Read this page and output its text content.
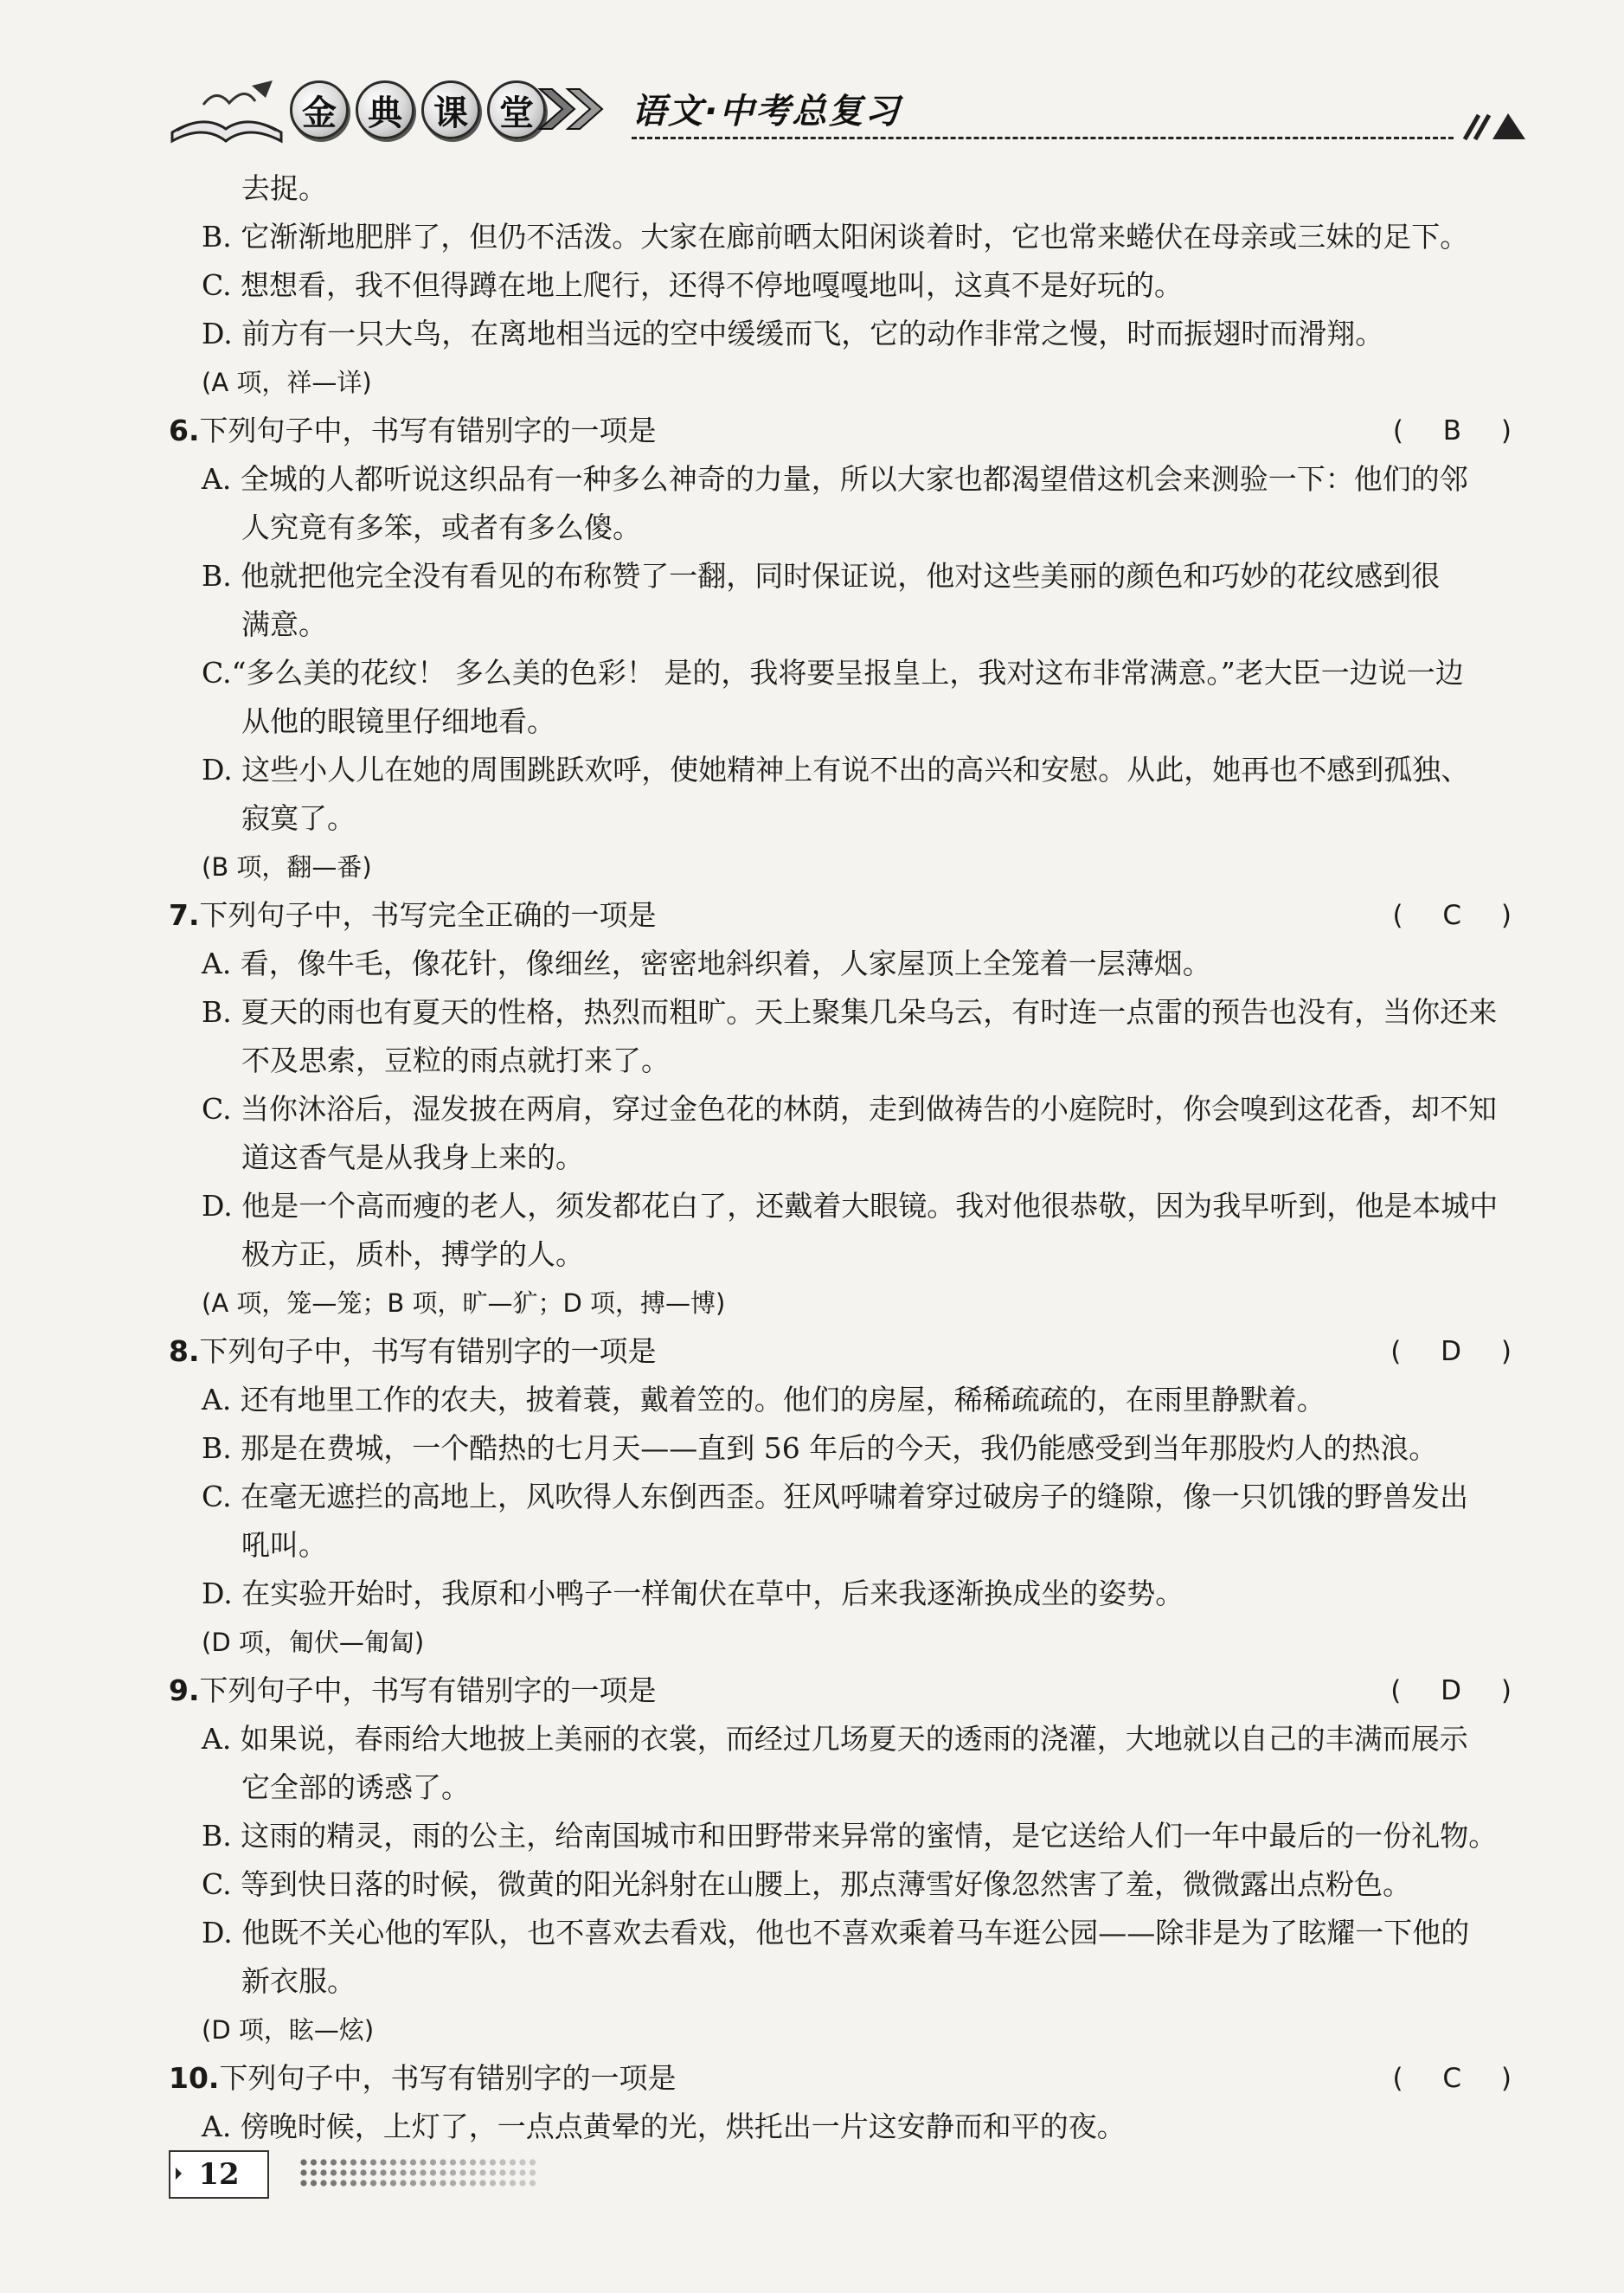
金 典 课 堂	语文·中考总复习
去捉。
B. 它渐渐地肥胖了，但仍不活泼。大家在廊前晒太阳闲谈着时，它也常来蜷伏在母亲或三妹的足下。
C. 想想看，我不但得蹲在地上爬行，还得不停地嘎嘎地叫，这真不是好玩的。
D. 前方有一只大鸟，在离地相当远的空中缓缓而飞，它的动作非常之慢，时而振翅时而滑翔。
(A 项，祥—详)
6.下列句子中，书写有错别字的一项是	( B )
A. 全城的人都听说这织品有一种多么神奇的力量，所以大家也都渴望借这机会来测验一下：他们的邻
人究竟有多笨，或者有多么傻。
B. 他就把他完全没有看见的布称赞了一翻，同时保证说，他对这些美丽的颜色和巧妙的花纹感到很
满意。
C.“多么美的花纹！ 多么美的色彩！ 是的，我将要呈报皇上，我对这布非常满意。”老大臣一边说一边
从他的眼镜里仔细地看。
D. 这些小人儿在她的周围跳跃欢呼，使她精神上有说不出的高兴和安慰。从此，她再也不感到孤独、
寂寞了。
(B 项，翻—番)
7.下列句子中，书写完全正确的一项是	( C )
A. 看，像牛毛，像花针，像细丝，密密地斜织着，人家屋顶上全笼着一层薄烟。
B. 夏天的雨也有夏天的性格，热烈而粗旷。天上聚集几朵乌云，有时连一点雷的预告也没有，当你还来
不及思索，豆粒的雨点就打来了。
C. 当你沐浴后，湿发披在两肩，穿过金色花的林荫，走到做祷告的小庭院时，你会嗅到这花香，却不知
道这香气是从我身上来的。
D. 他是一个高而瘦的老人，须发都花白了，还戴着大眼镜。我对他很恭敬，因为我早听到，他是本城中
极方正，质朴，搏学的人。
(A 项，笼—笼；B 项，旷—犷；D 项，搏—博)
8.下列句子中，书写有错别字的一项是	( D )
A. 还有地里工作的农夫，披着蓑，戴着笠的。他们的房屋，稀稀疏疏的，在雨里静默着。
B. 那是在费城，一个酷热的七月天——直到 56 年后的今天，我仍能感受到当年那股灼人的热浪。
C. 在毫无遮拦的高地上，风吹得人东倒西歪。狂风呼啸着穿过破房子的缝隙，像一只饥饿的野兽发出
吼叫。
D. 在实验开始时，我原和小鸭子一样匍伏在草中，后来我逐渐换成坐的姿势。
(D 项，匍伏—匍匐)
9.下列句子中，书写有错别字的一项是	( D )
A. 如果说，春雨给大地披上美丽的衣裳，而经过几场夏天的透雨的浇灌，大地就以自己的丰满而展示
它全部的诱惑了。
B. 这雨的精灵，雨的公主，给南国城市和田野带来异常的蜜情，是它送给人们一年中最后的一份礼物。
C. 等到快日落的时候，微黄的阳光斜射在山腰上，那点薄雪好像忽然害了羞，微微露出点粉色。
D. 他既不关心他的军队，也不喜欢去看戏，他也不喜欢乘着马车逛公园——除非是为了眩耀一下他的
新衣服。
(D 项，眩—炫)
10.下列句子中，书写有错别字的一项是	( C )
A. 傍晚时候，上灯了，一点点黄晕的光，烘托出一片这安静而和平的夜。
12
